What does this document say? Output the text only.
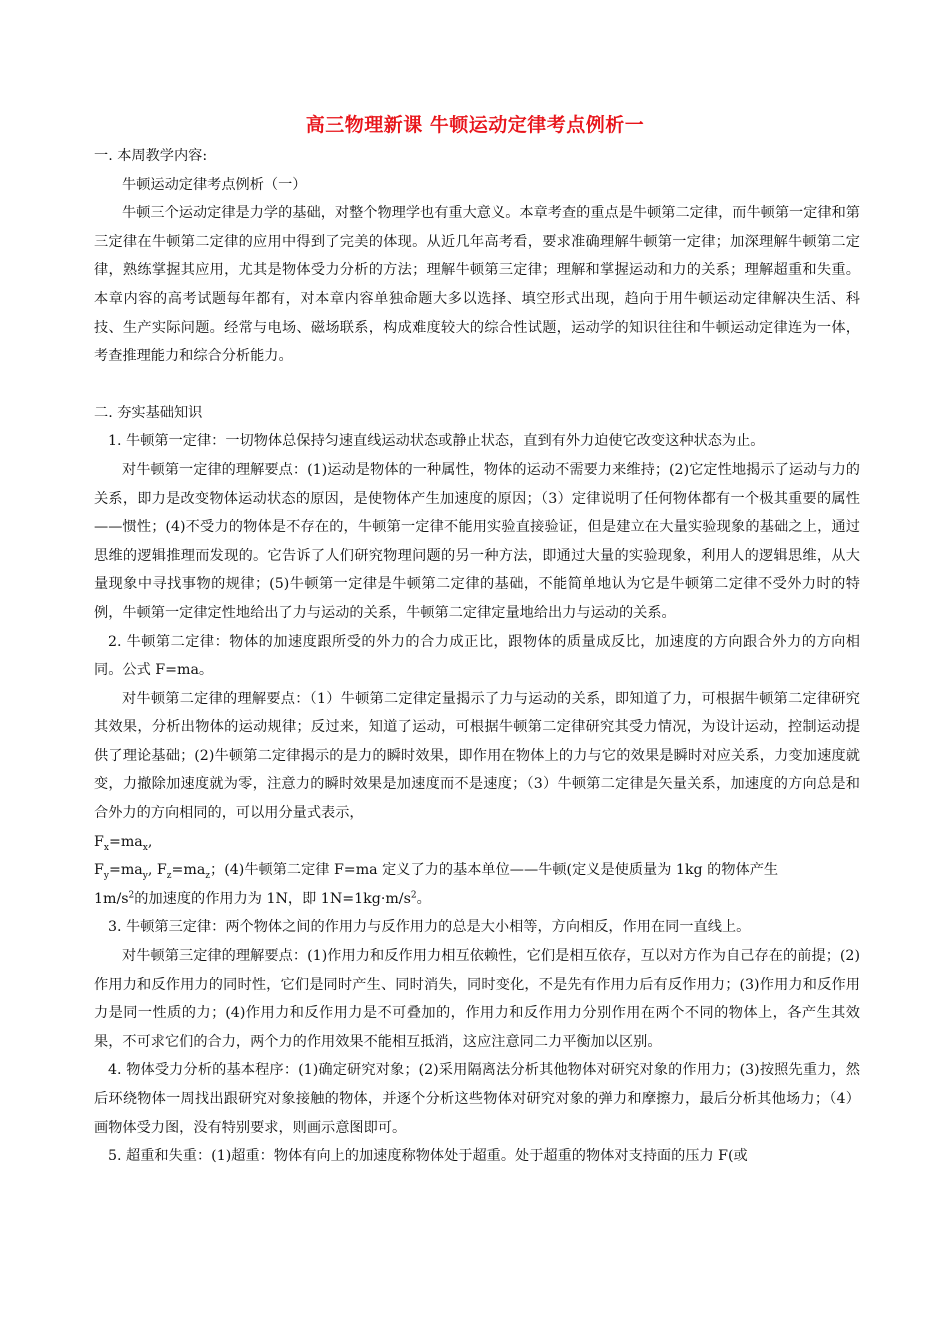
高三物理新课 牛顿运动定律考点例析一

一. 本周教学内容:

牛顿运动定律考点例析（一）

牛顿三个运动定律是力学的基础，对整个物理学也有重大意义。本章考查的重点是牛顿第二定律，而牛顿第一定律和第三定律在牛顿第二定律的应用中得到了完美的体现。从近几年高考看，要求准确理解牛顿第一定律；加深理解牛顿第二定律，熟练掌握其应用，尤其是物体受力分析的方法；理解牛顿第三定律；理解和掌握运动和力的关系；理解超重和失重。本章内容的高考试题每年都有，对本章内容单独命题大多以选择、填空形式出现，趋向于用牛顿运动定律解决生活、科技、生产实际问题。经常与电场、磁场联系，构成难度较大的综合性试题，运动学的知识往往和牛顿运动定律连为一体，考查推理能力和综合分析能力。

二. 夯实基础知识

1. 牛顿第一定律：一切物体总保持匀速直线运动状态或静止状态，直到有外力迫使它改变这种状态为止。

对牛顿第一定律的理解要点：(1)运动是物体的一种属性，物体的运动不需要力来维持；(2)它定性地揭示了运动与力的关系，即力是改变物体运动状态的原因，是使物体产生加速度的原因；（3）定律说明了任何物体都有一个极其重要的属性——惯性；(4)不受力的物体是不存在的，牛顿第一定律不能用实验直接验证，但是建立在大量实验现象的基础之上，通过思维的逻辑推理而发现的。它告诉了人们研究物理问题的另一种方法，即通过大量的实验现象，利用人的逻辑思维，从大量现象中寻找事物的规律；(5)牛顿第一定律是牛顿第二定律的基础，不能简单地认为它是牛顿第二定律不受外力时的特例，牛顿第一定律定性地给出了力与运动的关系，牛顿第二定律定量地给出力与运动的关系。

2. 牛顿第二定律：物体的加速度跟所受的外力的合力成正比，跟物体的质量成反比，加速度的方向跟合外力的方向相同。公式 F=ma。

对牛顿第二定律的理解要点：（1）牛顿第二定律定量揭示了力与运动的关系，即知道了力，可根据牛顿第二定律研究其效果，分析出物体的运动规律；反过来，知道了运动，可根据牛顿第二定律研究其受力情况，为设计运动，控制运动提供了理论基础；(2)牛顿第二定律揭示的是力的瞬时效果，即作用在物体上的力与它的效果是瞬时对应关系，力变加速度就变，力撤除加速度就为零，注意力的瞬时效果是加速度而不是速度；（3）牛顿第二定律是矢量关系，加速度的方向总是和合外力的方向相同的，可以用分量式表示，

$F_x=ma_x$,

$F_y=ma_y$, $F_z=ma_z$；(4)牛顿第二定律 F=ma 定义了力的基本单位——牛顿(定义是使质量为 1kg 的物体产生

$1m/s^2$的加速度的作用力为 1N，即 $1N=1kg\cdot m/s^2$。

3. 牛顿第三定律：两个物体之间的作用力与反作用力的总是大小相等，方向相反，作用在同一直线上。

对牛顿第三定律的理解要点：(1)作用力和反作用力相互依赖性，它们是相互依存，互以对方作为自己存在的前提；(2)作用力和反作用力的同时性，它们是同时产生、同时消失，同时变化，不是先有作用力后有反作用力；(3)作用力和反作用力是同一性质的力；(4)作用力和反作用力是不可叠加的，作用力和反作用力分别作用在两个不同的物体上，各产生其效果，不可求它们的合力，两个力的作用效果不能相互抵消，这应注意同二力平衡加以区别。

4. 物体受力分析的基本程序：(1)确定研究对象；(2)采用隔离法分析其他物体对研究对象的作用力；(3)按照先重力，然后环绕物体一周找出跟研究对象接触的物体，并逐个分析这些物体对研究对象的弹力和摩擦力，最后分析其他场力；（4）画物体受力图，没有特别要求，则画示意图即可。

5. 超重和失重：(1)超重：物体有向上的加速度称物体处于超重。处于超重的物体对支持面的压力 F(或
